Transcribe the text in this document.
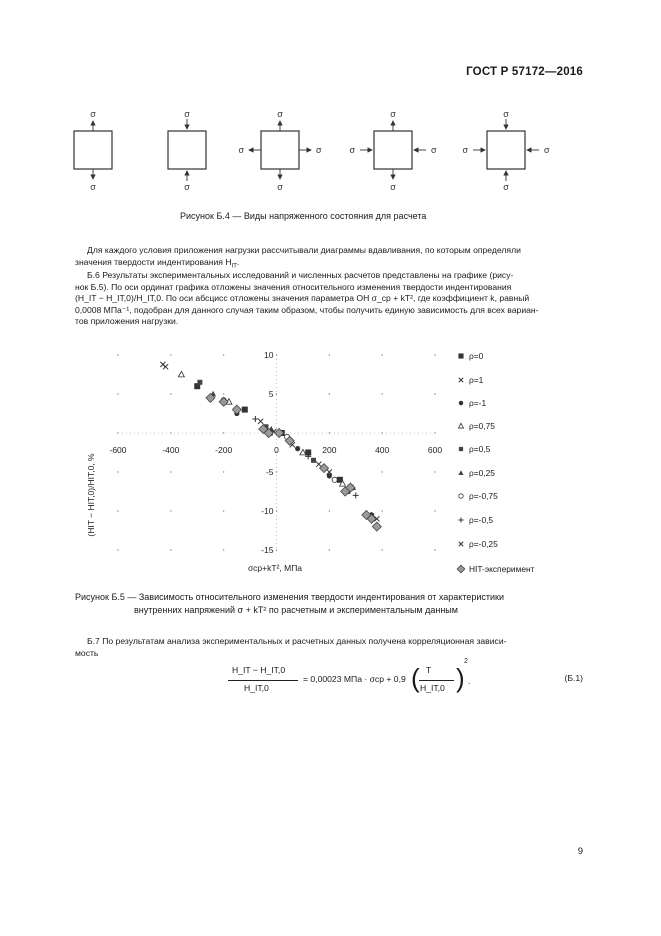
ГОСТ Р 57172—2016
σ
σ
σ
σ
σ
σ
σ	σ
σ
σ
σ	σ
σ
σ
σ	σ
Рисунок Б.4 — Виды напряженного состояния для расчета
Для каждого условия приложения нагрузки рассчитывали диаграммы вдавливания, по которым определяли
значения твердости индентирования $H_{IT}$.
Б.6 Результаты экспериментальных исследований и численных расчетов представлены на графике (рису-
нок Б.5). По оси ординат графика отложены значения относительного изменения твердости индентирования
(H_IT − H_IT,0)/H_IT,0. По оси абсцисс отложены значения параметра ОН σ_ср + kT², где коэффициент k, равный
0,0008 МПа⁻¹, подобран для данного случая таким образом, чтобы получить единую зависимость для всех вариан-
тов приложения нагрузки.
-600	-400	-200	0	200	400	600
10
5
-5
-10
-15
(HIT − HIT,0)/HIT,0, %
σср+kT², МПа
ρ=0
ρ=1
ρ=-1
ρ=0,75
ρ=0,5
ρ=0,25
ρ=-0,75
ρ=-0,5
ρ=-0,25
HIT-эксперимент
Рисунок Б.5 — Зависимость относительного изменения твердости индентирования от характеристики
внутренних напряжений σ + kT² по расчетным и экспериментальным данным
Б.7 По результатам анализа экспериментальных и расчетных данных получена корреляционная зависи-
мость
H_IT − H_IT,0
H_IT,0
= 0,00023 МПа · σср + 0,9 ( T
H_IT,0 )
2
.	(Б.1)
9
